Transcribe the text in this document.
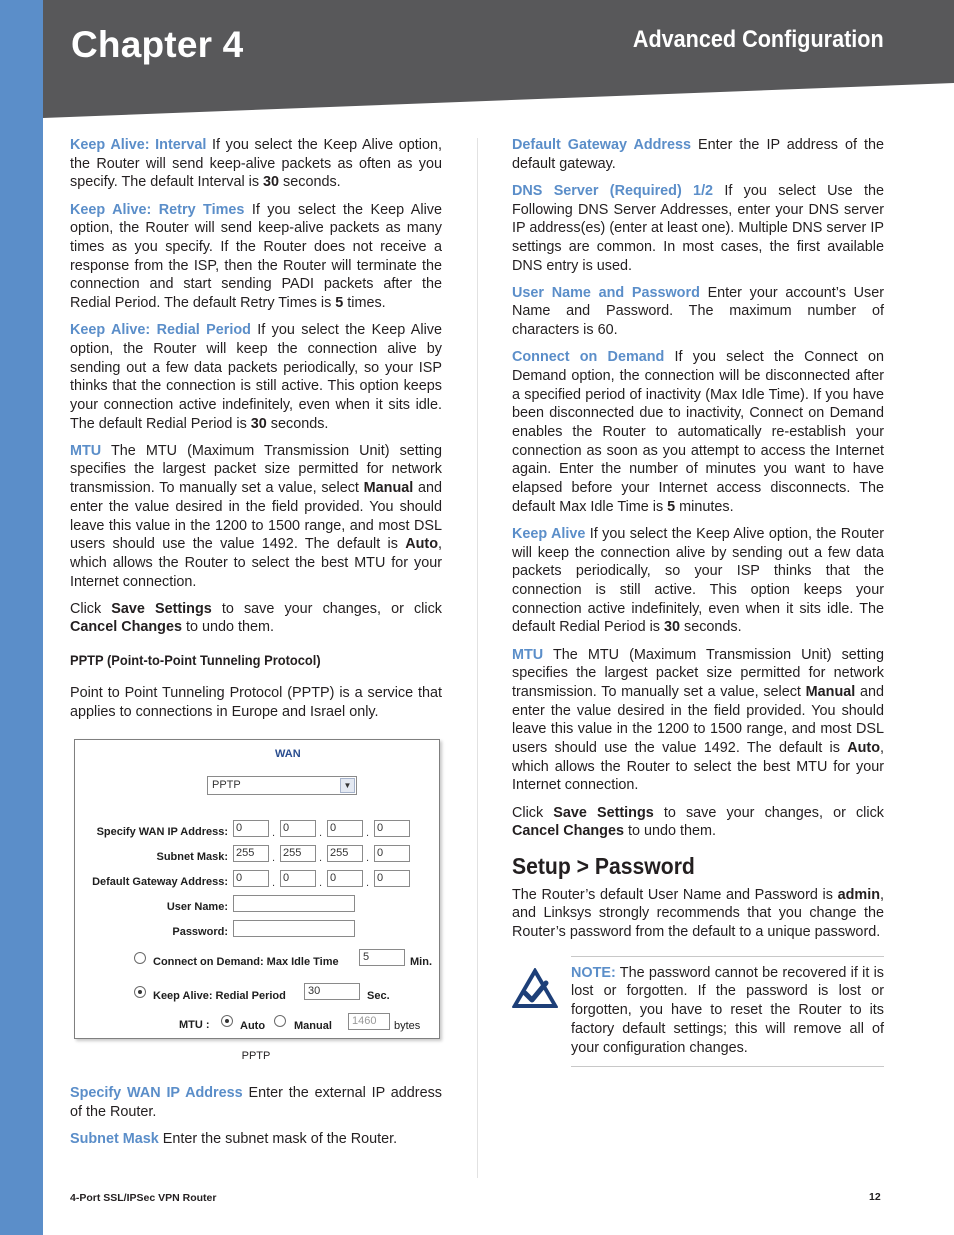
Chapter 4	Advanced Configuration

Keep Alive: Interval If you select the Keep Alive option, the Router will send keep-alive packets as often as you specify. The default Interval is 30 seconds.

Keep Alive: Retry Times If you select the Keep Alive option, the Router will send keep-alive packets as many times as you specify. If the Router does not receive a response from the ISP, then the Router will terminate the connection and start sending PADI packets after the Redial Period. The default Retry Times is 5 times.

Keep Alive: Redial Period If you select the Keep Alive option, the Router will keep the connection alive by sending out a few data packets periodically, so your ISP thinks that the connection is still active. This option keeps your connection active indefinitely, even when it sits idle. The default Redial Period is 30 seconds.

MTU The MTU (Maximum Transmission Unit) setting specifies the largest packet size permitted for network transmission. To manually set a value, select Manual and enter the value desired in the field provided. You should leave this value in the 1200 to 1500 range, and most DSL users should use the value 1492. The default is Auto, which allows the Router to select the best MTU for your Internet connection.

Click Save Settings to save your changes, or click Cancel Changes to undo them.

PPTP (Point-to-Point Tunneling Protocol)

Point to Point Tunneling Protocol (PPTP) is a service that applies to connections in Europe and Israel only.

WAN
PPTP	▼
Specify WAN IP Address: 0	. 0	. 0	. 0
Subnet Mask: 255	. 255	. 255	. 0
Default Gateway Address: 0	. 0	. 0	. 0
User Name:
Password:
Connect on Demand: Max Idle Time	5	Min.
Keep Alive: Redial Period	30	Sec.
MTU :	Auto	Manual	1460	bytes
PPTP

Specify WAN IP Address Enter the external IP address of the Router.

Subnet Mask Enter the subnet mask of the Router.

Default Gateway Address Enter the IP address of the default gateway.

DNS Server (Required) 1/2 If you select Use the Following DNS Server Addresses, enter your DNS server IP address(es) (enter at least one). Multiple DNS server IP settings are common. In most cases, the first available DNS entry is used.

User Name and Password Enter your account’s User Name and Password. The maximum number of characters is 60.

Connect on Demand If you select the Connect on Demand option, the connection will be disconnected after a specified period of inactivity (Max Idle Time). If you have been disconnected due to inactivity, Connect on Demand enables the Router to automatically re-establish your connection as soon as you attempt to access the Internet again. Enter the number of minutes you want to have elapsed before your Internet access disconnects. The default Max Idle Time is 5 minutes.

Keep Alive If you select the Keep Alive option, the Router will keep the connection alive by sending out a few data packets periodically, so your ISP thinks that the connection is still active. This option keeps your connection active indefinitely, even when it sits idle. The default Redial Period is 30 seconds.

MTU The MTU (Maximum Transmission Unit) setting specifies the largest packet size permitted for network transmission. To manually set a value, select Manual and enter the value desired in the field provided. You should leave this value in the 1200 to 1500 range, and most DSL users should use the value 1492. The default is Auto, which allows the Router to select the best MTU for your Internet connection.

Click Save Settings to save your changes, or click Cancel Changes to undo them.

Setup > Password

The Router’s default User Name and Password is admin, and Linksys strongly recommends that you change the Router’s password from the default to a unique password.

NOTE: The password cannot be recovered if it is lost or forgotten. If the password is lost or forgotten, you have to reset the Router to its factory default settings; this will remove all of your configuration changes.
4-Port SSL/IPSec VPN Router	12
